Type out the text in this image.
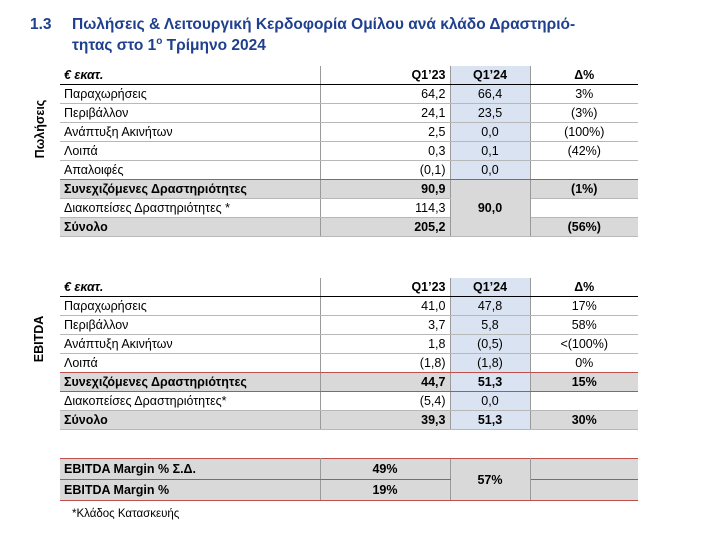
1.3 Πωλήσεις & Λειτουργική Κερδοφορία Ομίλου ανά κλάδο Δραστηριό-
τητας στο $1^o$ Τρίμηνο 2024
Πωλήσεις
€ εκατ.	Q1’23	Q1’24	Δ%
Παραχωρήσεις	64,2	66,4	3%
Περιβάλλον	24,1	23,5	(3%)
Ανάπτυξη Ακινήτων	2,5	0,0	(100%)
Λοιπά	0,3	0,1	(42%)
Απαλοιφές	(0,1)	0,0	
Συνεχιζόμενες Δραστηριότητες	90,9	90,0	(1%)
Διακοπείσες Δραστηριότητες *	114,3		
Σύνολο	205,2		(56%)
EBITDA
€ εκατ.	Q1’23	Q1’24	Δ%
Παραχωρήσεις	41,0	47,8	17%
Περιβάλλον	3,7	5,8	58%
Ανάπτυξη Ακινήτων	1,8	(0,5)	<(100%)
Λοιπά	(1,8)	(1,8)	0%
Συνεχιζόμενες Δραστηριότητες	44,7	51,3	15%
Διακοπείσες Δραστηριότητες*	(5,4)	0,0	
Σύνολο	39,3	51,3	30%
EBITDA Margin % Σ.Δ.	49%	57%	
EBITDA Margin %	19%		
*Κλάδος Κατασκευής
